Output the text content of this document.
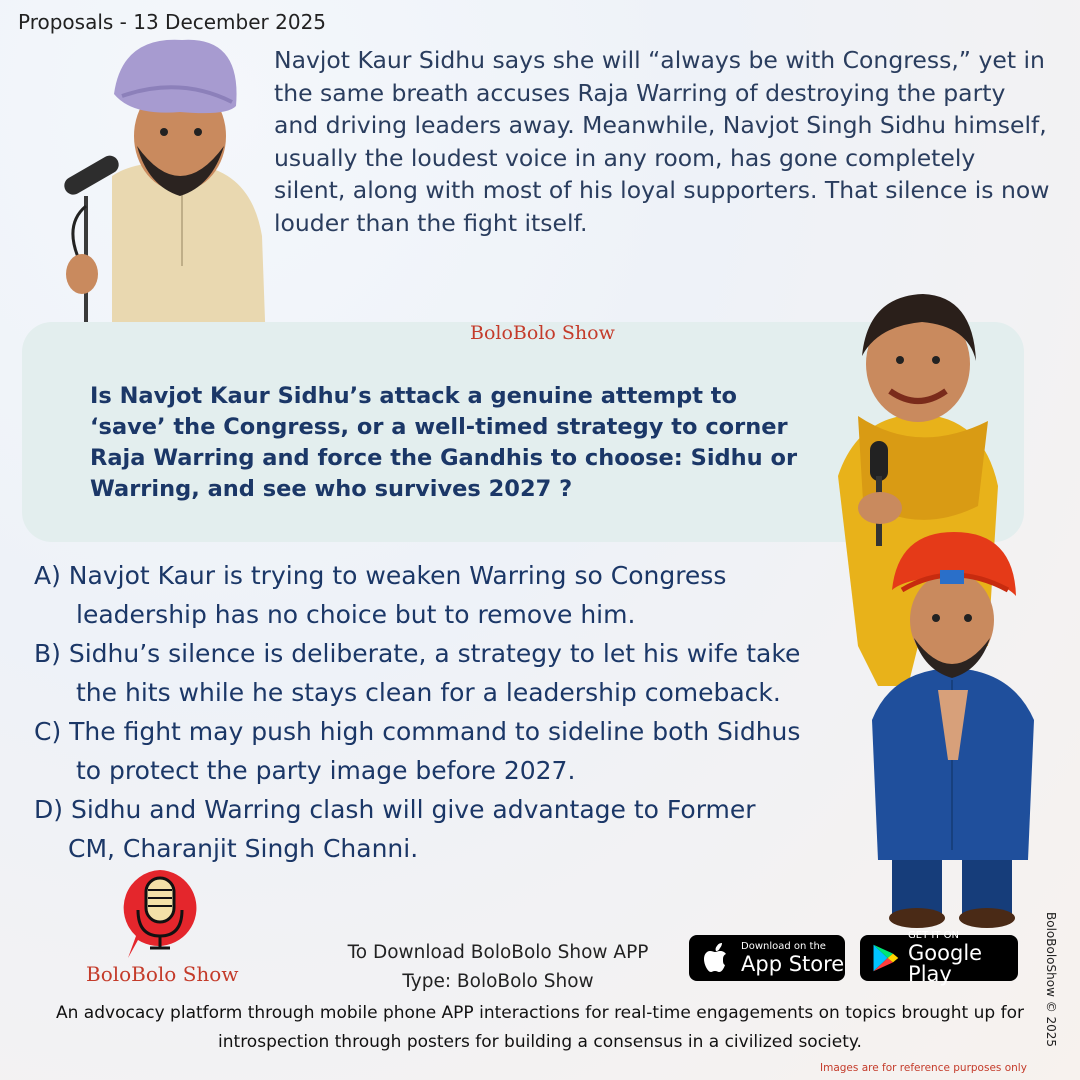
Proposals - 13 December 2025

Navjot Kaur Sidhu says she will “always be with Congress,” yet in the same breath accuses Raja Warring of destroying the party and driving leaders away. Meanwhile, Navjot Singh Sidhu himself, usually the loudest voice in any room, has gone completely silent, along with most of his loyal supporters. That silence is now louder than the fight itself.

BoloBolo Show
Is Navjot Kaur Sidhu’s attack a genuine attempt to ‘save’ the Congress, or a well-timed strategy to corner Raja Warring and force the Gandhis to choose: Sidhu or Warring, and see who survives 2027 ?
A) Navjot Kaur is trying to weaken Warring so Congress
leadership has no choice but to remove him.
B) Sidhu’s silence is deliberate, a strategy to let his wife take
the hits while he stays clean for a leadership comeback.
C) The fight may push high command to sideline both Sidhus
to protect the party image before 2027.
D) Sidhu and Warring clash will give advantage to Former
CM, Charanjit Singh Channi.
BoloBolo Show
To Download BoloBolo Show APP
Type: BoloBolo Show
Download on the
App Store
GET IT ON
Google Play
An advocacy platform through mobile phone APP interactions for real-time engagements on topics brought up for introspection through posters for building a consensus in a civilized society.
Images are for reference purposes only
BoloBoloShow © 2025
